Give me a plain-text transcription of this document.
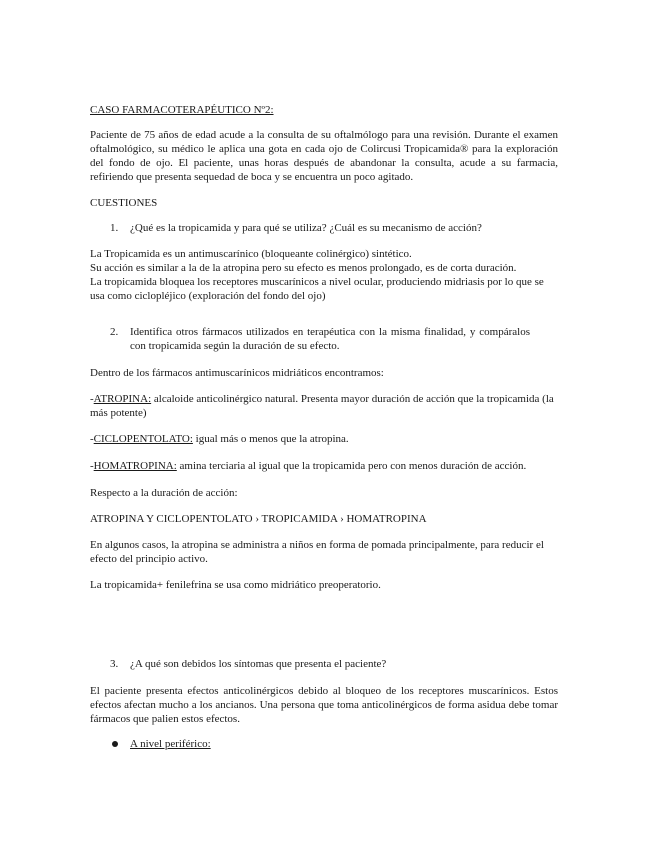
CASO FARMACOTERAPÉUTICO Nº2:

Paciente de 75 años de edad acude a la consulta de su oftalmólogo para una revisión. Durante el examen oftalmológico, su médico le aplica una gota en cada ojo de Colircusi Tropicamida® para la exploración del fondo de ojo. El paciente, unas horas después de abandonar la consulta, acude a su farmacia, refiriendo que presenta sequedad de boca y se encuentra un poco agitado.

CUESTIONES

1. ¿Qué es la tropicamida y para qué se utiliza? ¿Cuál es su mecanismo de acción?

La Tropicamida es un antimuscarínico (bloqueante colinérgico) sintético.
Su acción es similar a la de la atropina pero su efecto es menos prolongado, es de corta duración.
La tropicamida bloquea los receptores muscarínicos a nivel ocular, produciendo midriasis por lo que se usa como ciclopléjico (exploración del fondo del ojo)

2. Identifica otros fármacos utilizados en terapéutica con la misma finalidad, y compáralos con tropicamida según la duración de su efecto.

Dentro de los fármacos antimuscarínicos midriáticos encontramos:

-ATROPINA: alcaloide anticolinérgico natural. Presenta mayor duración de acción que la tropicamida (la más potente)

-CICLOPENTOLATO: igual más o menos que la atropina.

-HOMATROPINA: amina terciaria al igual que la tropicamida pero con menos duración de acción.

Respecto a la duración de acción:

ATROPINA Y CICLOPENTOLATO › TROPICAMIDA › HOMATROPINA

En algunos casos, la atropina se administra a niños en forma de pomada principalmente, para reducir el efecto del principio activo.

La tropicamida+ fenilefrina se usa como midriático preoperatorio.

3. ¿A qué son debidos los síntomas que presenta el paciente?

El paciente presenta efectos anticolinérgicos debido al bloqueo de los receptores muscarínicos. Estos efectos afectan mucho a los ancianos. Una persona que toma anticolinérgicos de forma asidua debe tomar fármacos que palien estos efectos.

A nivel periférico:
